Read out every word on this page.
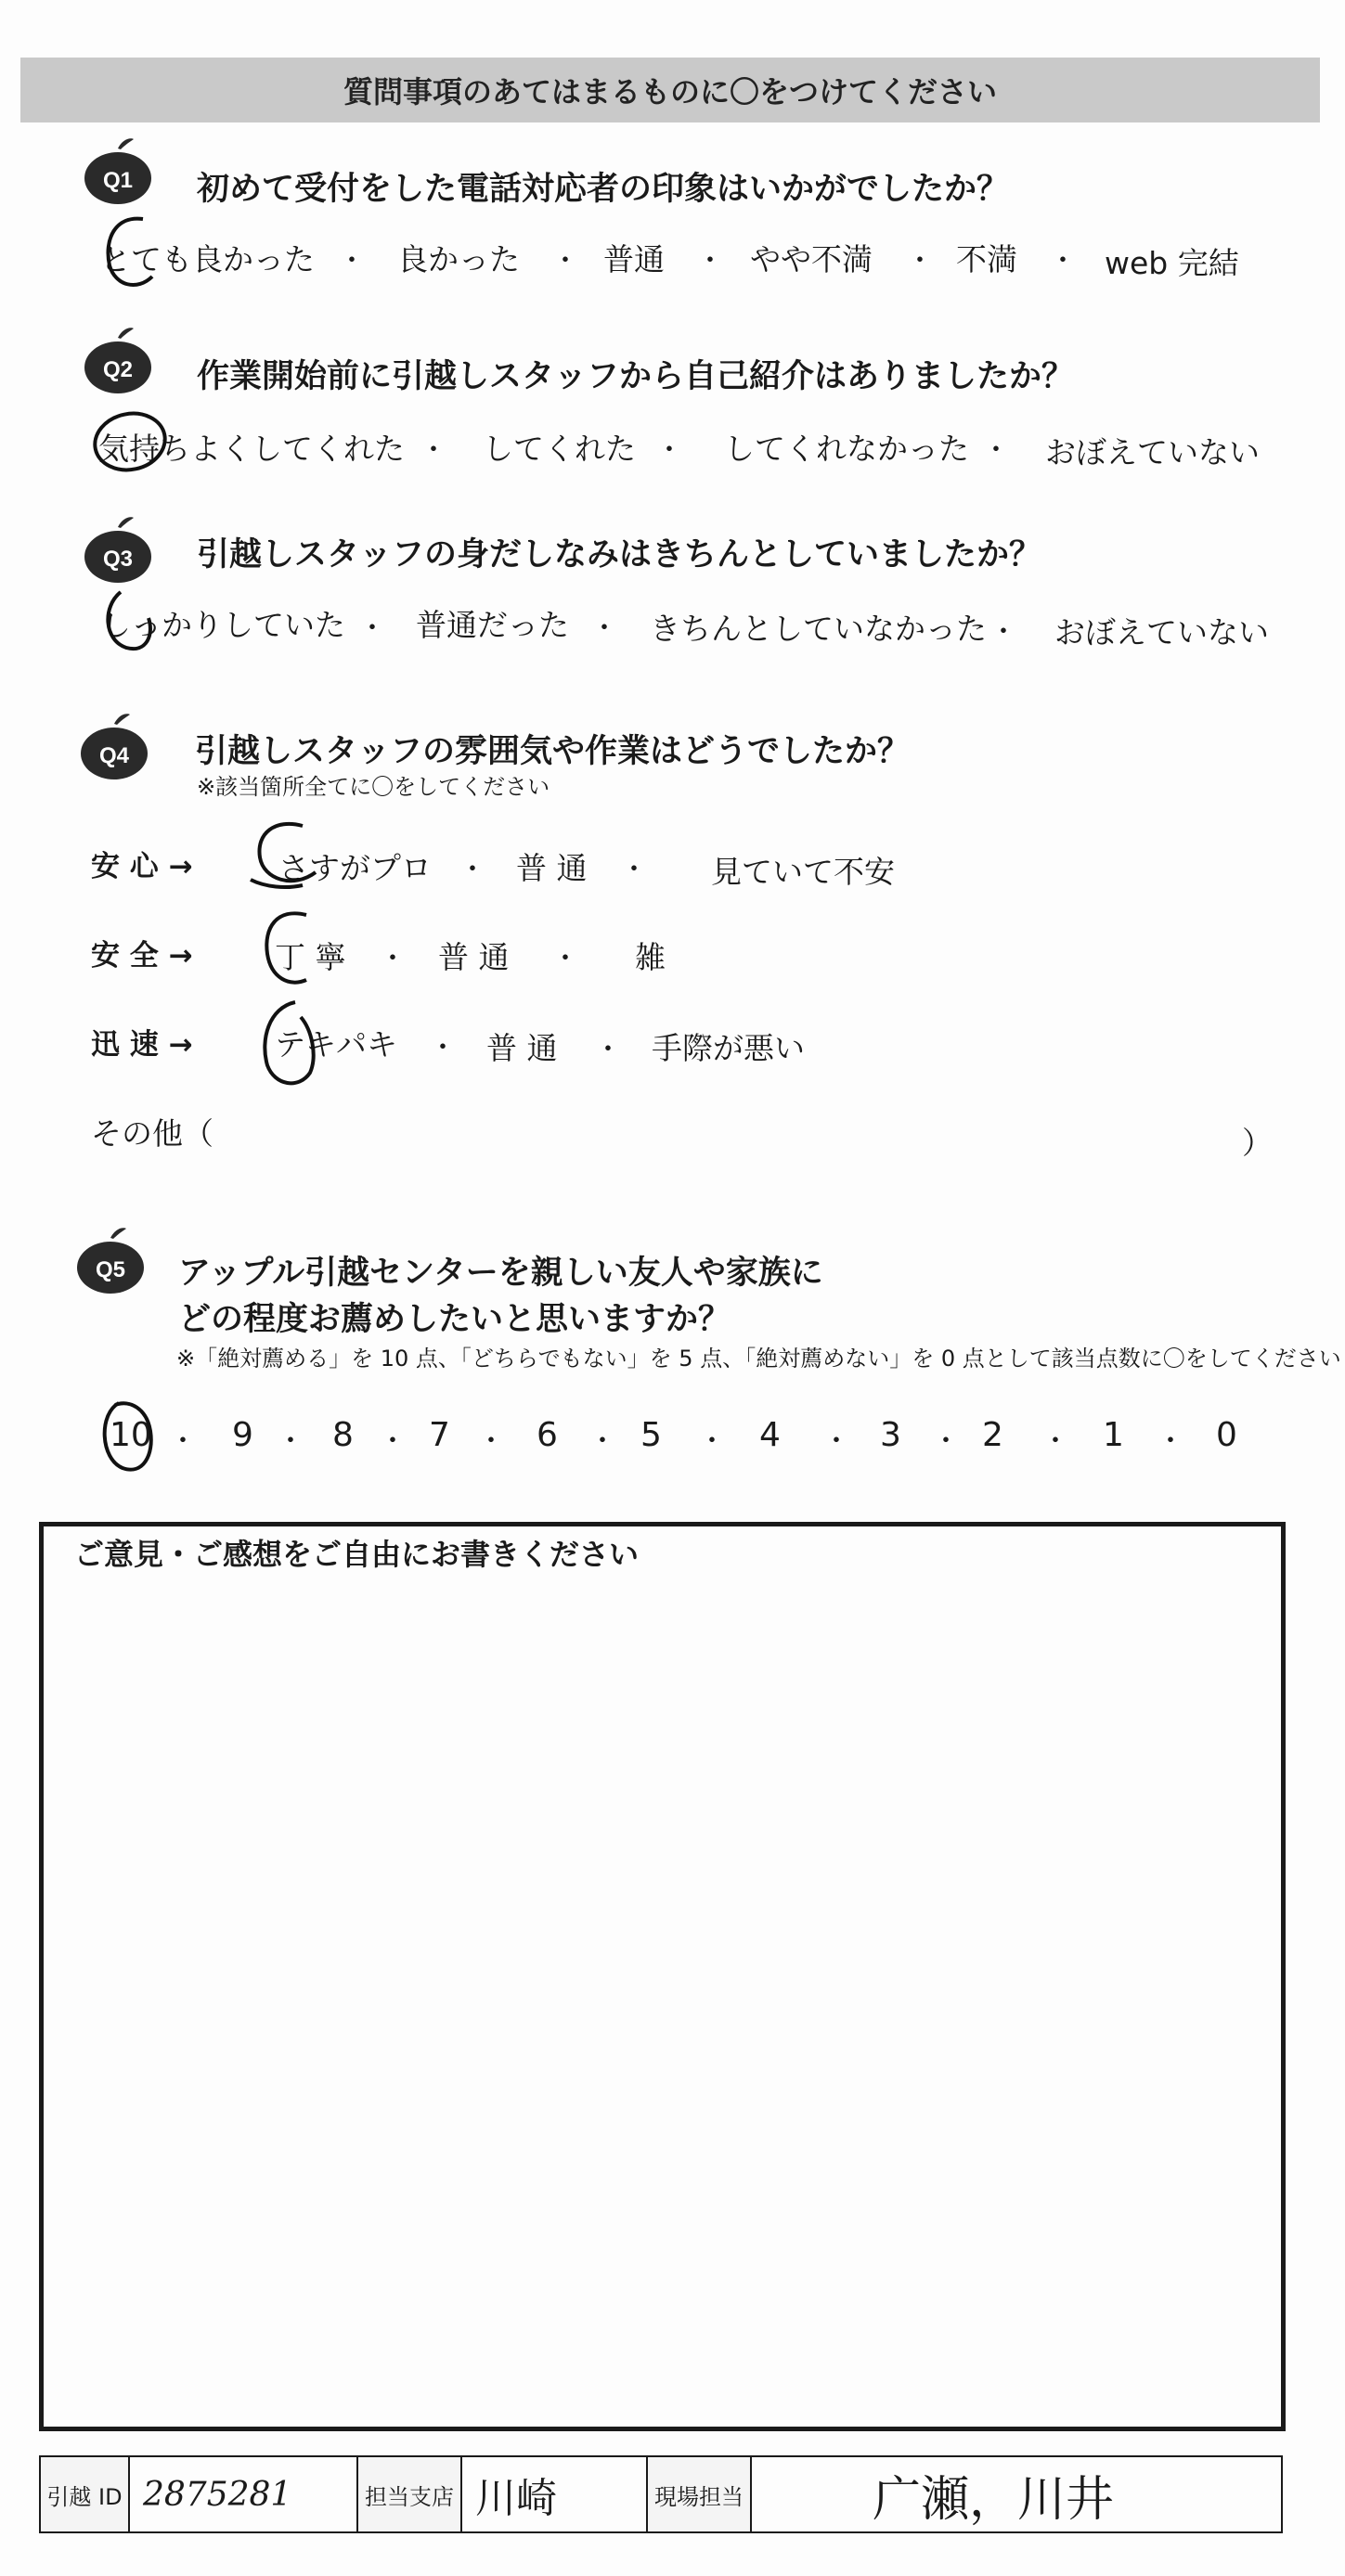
質問事項のあてはまるものに〇をつけてください
Q1 初めて受付をした電話対応者の印象はいかがでしたか？
とても良かった ・ 良かった ・ 普通 ・ やや不満 ・ 不満 ・ web 完結
Q2 作業開始前に引越しスタッフから自己紹介はありましたか？
気持ちよくしてくれた ・ してくれた ・ してくれなかった ・ おぼえていない
Q3 引越しスタッフの身だしなみはきちんとしていましたか？
しっかりしていた ・ 普通だった ・ きちんとしていなかった ・ おぼえていない
Q4 引越しスタッフの雰囲気や作業はどうでしたか？
※該当箇所全てに〇をしてください
安 心 →	さすがプロ ・ 普 通 ・ 見ていて不安
安 全 →	丁 寧 ・ 普 通 ・ 雑
迅 速 →	テキパキ ・ 普 通 ・ 手際が悪い
その他（	）
Q5 アップル引越センターを親しい友人や家族に
どの程度お薦めしたいと思いますか？
※「絶対薦める」を 10 点、「どちらでもない」を 5 点、「絶対薦めない」を 0 点として該当点数に〇をしてください
10 ・ 9 ・ 8 ・ 7 ・ 6 ・ 5 ・ 4 ・ 3 ・ 2 ・ 1 ・ 0
ご意見・ご感想をご自由にお書きください
引越 ID 2875281	担当支店 川崎	現場担当	广瀬，川井
